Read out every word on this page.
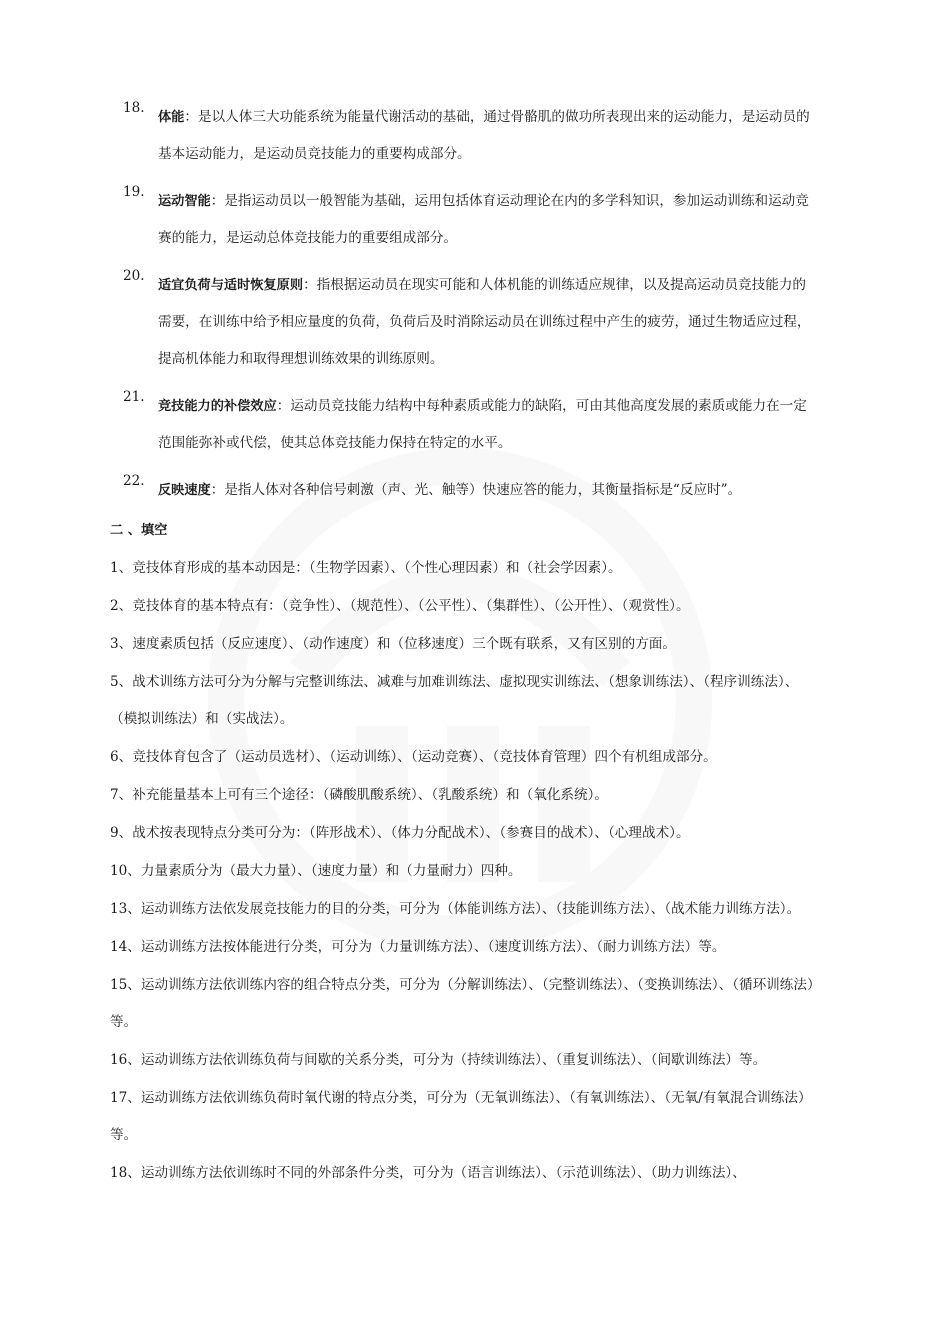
18.
体能：是以人体三大功能系统为能量代谢活动的基础，通过骨骼肌的做功所表现出来的运动能力，是运动员的基本运动能力，是运动员竞技能力的重要构成部分。
19.
运动智能：是指运动员以一般智能为基础，运用包括体育运动理论在内的多学科知识，参加运动训练和运动竞赛的能力，是运动总体竞技能力的重要组成部分。
20.
适宜负荷与适时恢复原则：指根据运动员在现实可能和人体机能的训练适应规律，以及提高运动员竞技能力的需要，在训练中给予相应量度的负荷，负荷后及时消除运动员在训练过程中产生的疲劳，通过生物适应过程，提高机体能力和取得理想训练效果的训练原则。
21.
竞技能力的补偿效应：运动员竞技能力结构中每种素质或能力的缺陷，可由其他高度发展的素质或能力在一定范围能弥补或代偿，使其总体竞技能力保持在特定的水平。
22.
反映速度：是指人体对各种信号刺激（声、光、触等）快速应答的能力，其衡量指标是“反应时”。
二 、填空
1、竞技体育形成的基本动因是：（生物学因素）、（个性心理因素）和（社会学因素）。
2、竞技体育的基本特点有：（竞争性）、（规范性）、（公平性）、（集群性）、（公开性）、（观赏性）。
3、速度素质包括（反应速度）、（动作速度）和（位移速度）三个既有联系，又有区别的方面。
5、战术训练方法可分为分解与完整训练法、减难与加难训练法、虚拟现实训练法、（想象训练法）、（程序训练法）、（模拟训练法）和（实战法）。
6、竞技体育包含了（运动员选材）、（运动训练）、（运动竞赛）、（竞技体育管理）四个有机组成部分。
7、补充能量基本上可有三个途径：（磷酸肌酸系统）、（乳酸系统）和（氧化系统）。
9、战术按表现特点分类可分为：（阵形战术）、（体力分配战术）、（参赛目的战术）、（心理战术）。
10、力量素质分为（最大力量）、（速度力量）和（力量耐力）四种。
13、运动训练方法依发展竞技能力的目的分类，可分为（体能训练方法）、（技能训练方法）、（战术能力训练方法）。
14、运动训练方法按体能进行分类，可分为（力量训练方法）、（速度训练方法）、（耐力训练方法）等。
15、运动训练方法依训练内容的组合特点分类，可分为（分解训练法）、（完整训练法）、（变换训练法）、（循环训练法）等。
16、运动训练方法依训练负荷与间歇的关系分类，可分为（持续训练法）、（重复训练法）、（间歇训练法）等。
17、运动训练方法依训练负荷时氧代谢的特点分类，可分为（无氧训练法）、（有氧训练法）、（无氧/有氧混合训练法）等。
18、运动训练方法依训练时不同的外部条件分类，可分为（语言训练法）、（示范训练法）、（助力训练法）、
